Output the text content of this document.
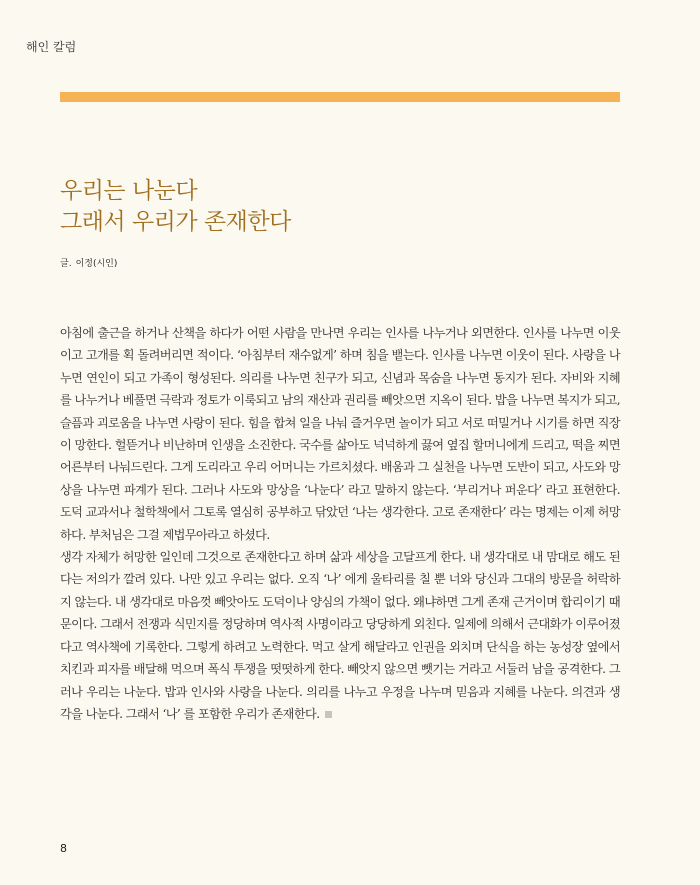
해인 칼럼
우리는 나눈다
그래서 우리가 존재한다
글. 이정(시인)

아침에 출근을 하거나 산책을 하다가 어떤 사람을 만나면 우리는 인사를 나누거나 외면한다. 인사를 나누면 이웃이고 고개를 획 돌려버리면 적이다. ‘아침부터 재수없게’ 하며 침을 뱉는다. 인사를 나누면 이웃이 된다. 사랑을 나누면 연인이 되고 가족이 형성된다. 의리를 나누면 친구가 되고, 신념과 목숨을 나누면 동지가 된다. 자비와 지혜를 나누거나 베풀면 극락과 정토가 이룩되고 남의 재산과 권리를 빼앗으면 지옥이 된다. 밥을 나누면 복지가 되고, 슬픔과 괴로움을 나누면 사랑이 된다. 힘을 합쳐 일을 나눠 즐거우면 놀이가 되고 서로 떠밀거나 시기를 하면 직장이 망한다. 헐뜯거나 비난하며 인생을 소진한다. 국수를 삶아도 넉넉하게 끓여 옆집 할머니에게 드리고, 떡을 찌면 어른부터 나눠드린다. 그게 도리라고 우리 어머니는 가르치셨다. 배움과 그 실천을 나누면 도반이 되고, 사도와 망상을 나누면 파계가 된다. 그러나 사도와 망상을 ‘나눈다’ 라고 말하지 않는다. ‘부리거나 퍼운다’ 라고 표현한다. 도덕 교과서나 철학책에서 그토록 열심히 공부하고 닦았던 ‘나는 생각한다. 고로 존재한다’ 라는 명제는 이제 허망하다. 부처님은 그걸 제법무아라고 하셨다.

생각 자체가 허망한 일인데 그것으로 존재한다고 하며 삶과 세상을 고달프게 한다. 내 생각대로 내 맘대로 해도 된다는 저의가 깔려 있다. 나만 있고 우리는 없다. 오직 ‘나’ 에게 울타리를 칠 뿐 너와 당신과 그대의 방문을 허락하지 않는다. 내 생각대로 마음껏 빼앗아도 도덕이나 양심의 가책이 없다. 왜냐하면 그게 존재 근거이며 합리이기 때문이다. 그래서 전쟁과 식민지를 정당하며 역사적 사명이라고 당당하게 외친다. 일제에 의해서 근대화가 이루어졌다고 역사책에 기록한다. 그렇게 하려고 노력한다. 먹고 살게 해달라고 인권을 외치며 단식을 하는 농성장 옆에서 치킨과 피자를 배달해 먹으며 폭식 투쟁을 떳떳하게 한다. 빼앗지 않으면 뺏기는 거라고 서둘러 남을 공격한다. 그러나 우리는 나눈다. 밥과 인사와 사랑을 나눈다. 의리를 나누고 우정을 나누며 믿음과 지혜를 나눈다. 의견과 생각을 나눈다. 그래서 ‘나’ 를 포함한 우리가 존재한다.

8
